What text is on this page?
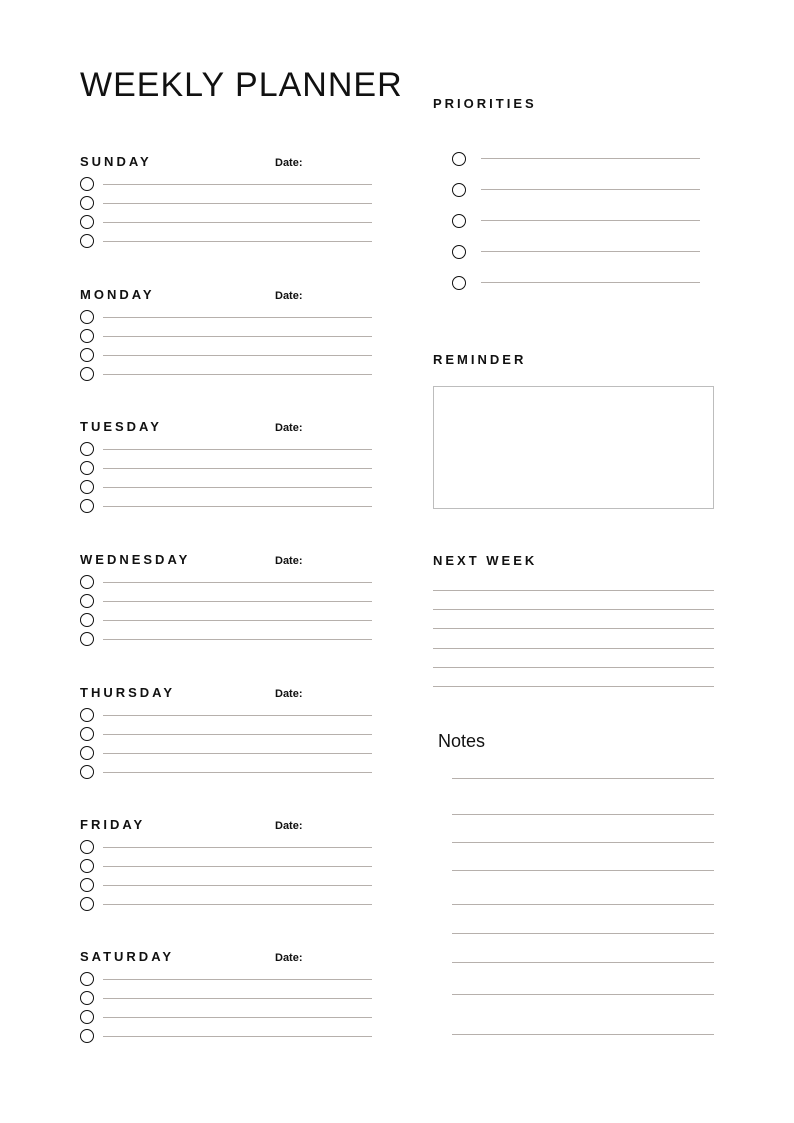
WEEKLY PLANNER
SUNDAY	Date:
MONDAY	Date:
TUESDAY	Date:
WEDNESDAY	Date:
THURSDAY	Date:
FRIDAY	Date:
SATURDAY	Date:
PRIORITIES
REMINDER
NEXT WEEK
Notes
